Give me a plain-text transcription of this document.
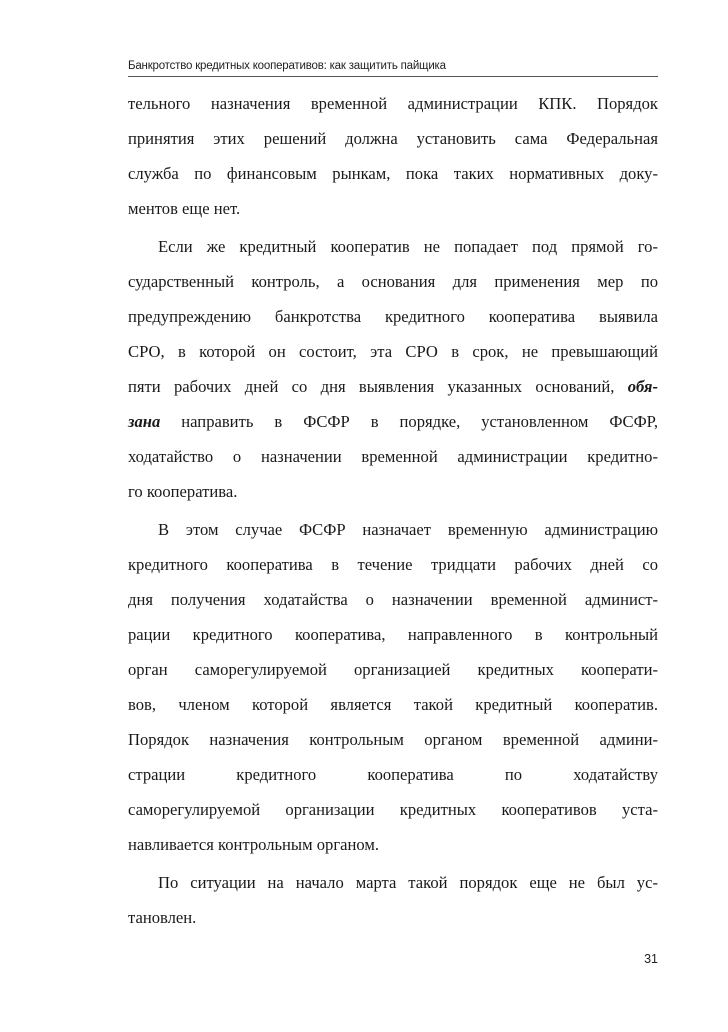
Банкротство кредитных кооперативов: как защитить пайщика
тельного назначения временной администрации КПК. Порядок
принятия этих решений должна установить сама Федеральная
служба по финансовым рынкам, пока таких нормативных доку-
ментов еще нет.
Если же кредитный кооператив не попадает под прямой го-
сударственный контроль, а основания для применения мер по
предупреждению банкротства кредитного кооператива выявила
СРО, в которой он состоит, эта СРО в срок, не превышающий
пяти рабочих дней со дня выявления указанных оснований, обя-
зана направить в ФСФР в порядке, установленном ФСФР,
ходатайство о назначении временной администрации кредитно-
го кооператива.
В этом случае ФСФР назначает временную администрацию
кредитного кооператива в течение тридцати рабочих дней со
дня получения ходатайства о назначении временной админист-
рации кредитного кооператива, направленного в контрольный
орган саморегулируемой организацией кредитных кооперати-
вов, членом которой является такой кредитный кооператив.
Порядок назначения контрольным органом временной админи-
страции кредитного кооператива по ходатайству
саморегулируемой организации кредитных кооперативов уста-
навливается контрольным органом.
По ситуации на начало марта такой порядок еще не был ус-
тановлен.
31
